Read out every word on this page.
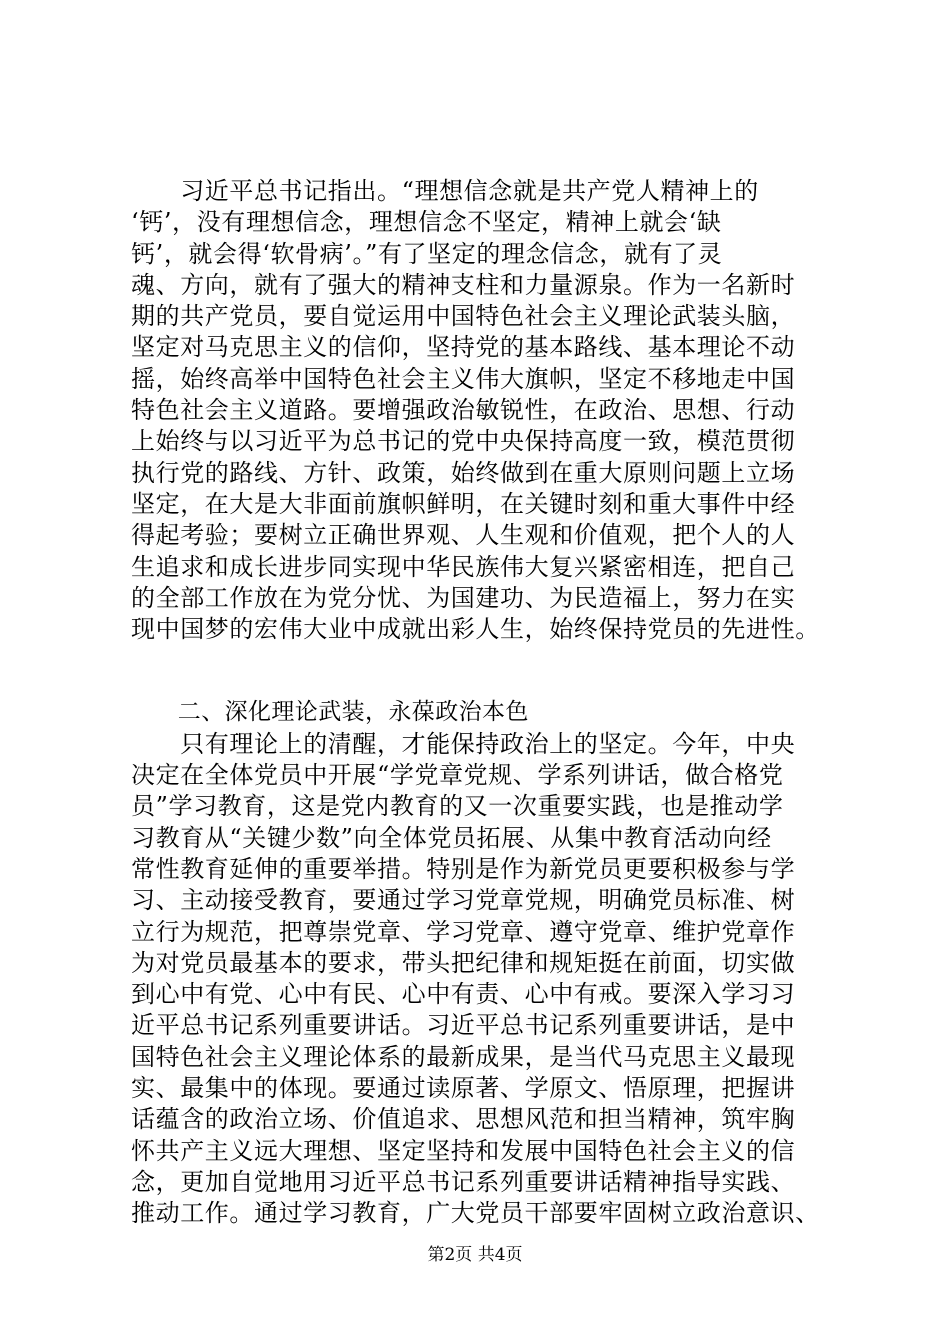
　　习近平总书记指出。“理想信念就是共产党人精神上的
‘钙’，没有理想信念，理想信念不坚定，精神上就会‘缺
钙’，就会得‘软骨病’。”有了坚定的理念信念，就有了灵
魂、方向，就有了强大的精神支柱和力量源泉。作为一名新时
期的共产党员，要自觉运用中国特色社会主义理论武装头脑，
坚定对马克思主义的信仰，坚持党的基本路线、基本理论不动
摇，始终高举中国特色社会主义伟大旗帜，坚定不移地走中国
特色社会主义道路。要增强政治敏锐性，在政治、思想、行动
上始终与以习近平为总书记的党中央保持高度一致，模范贯彻
执行党的路线、方针、政策，始终做到在重大原则问题上立场
坚定，在大是大非面前旗帜鲜明，在关键时刻和重大事件中经
得起考验；要树立正确世界观、人生观和价值观，把个人的人
生追求和成长进步同实现中华民族伟大复兴紧密相连，把自己
的全部工作放在为党分忧、为国建功、为民造福上，努力在实
现中国梦的宏伟大业中成就出彩人生，始终保持党员的先进性。
　　二、深化理论武装，永葆政治本色
　　只有理论上的清醒，才能保持政治上的坚定。今年，中央
决定在全体党员中开展“学党章党规、学系列讲话，做合格党
员”学习教育，这是党内教育的又一次重要实践，也是推动学
习教育从“关键少数”向全体党员拓展、从集中教育活动向经
常性教育延伸的重要举措。特别是作为新党员更要积极参与学
习、主动接受教育，要通过学习党章党规，明确党员标准、树
立行为规范，把尊崇党章、学习党章、遵守党章、维护党章作
为对党员最基本的要求，带头把纪律和规矩挺在前面，切实做
到心中有党、心中有民、心中有责、心中有戒。要深入学习习
近平总书记系列重要讲话。习近平总书记系列重要讲话，是中
国特色社会主义理论体系的最新成果，是当代马克思主义最现
实、最集中的体现。要通过读原著、学原文、悟原理，把握讲
话蕴含的政治立场、价值追求、思想风范和担当精神，筑牢胸
怀共产主义远大理想、坚定坚持和发展中国特色社会主义的信
念，更加自觉地用习近平总书记系列重要讲话精神指导实践、
推动工作。通过学习教育，广大党员干部要牢固树立政治意识、
第2页 共4页
